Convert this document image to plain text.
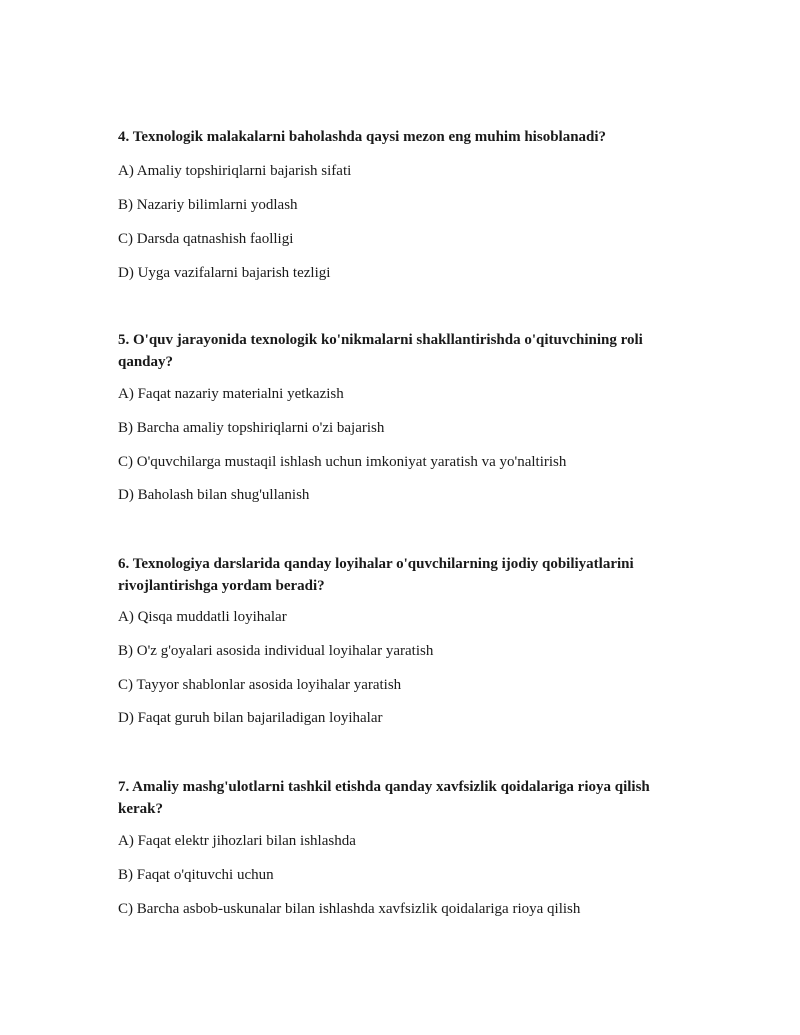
4. Texnologik malakalarni baholashda qaysi mezon eng muhim hisoblanadi?

A) Amaliy topshiriqlarni bajarish sifati

B) Nazariy bilimlarni yodlash

C) Darsda qatnashish faolligi

D) Uyga vazifalarni bajarish tezligi

5. O'quv jarayonida texnologik ko'nikmalarni shakllantirishda o'qituvchining roli qanday?

A) Faqat nazariy materialni yetkazish

B) Barcha amaliy topshiriqlarni o'zi bajarish

C) O'quvchilarga mustaqil ishlash uchun imkoniyat yaratish va yo'naltirish

D) Baholash bilan shug'ullanish

6. Texnologiya darslarida qanday loyihalar o'quvchilarning ijodiy qobiliyatlarini rivojlantirishga yordam beradi?

A) Qisqa muddatli loyihalar

B) O'z g'oyalari asosida individual loyihalar yaratish

C) Tayyor shablonlar asosida loyihalar yaratish

D) Faqat guruh bilan bajariladigan loyihalar

7. Amaliy mashg'ulotlarni tashkil etishda qanday xavfsizlik qoidalariga rioya qilish kerak?

A) Faqat elektr jihozlari bilan ishlashda

B) Faqat o'qituvchi uchun

C) Barcha asbob-uskunalar bilan ishlashda xavfsizlik qoidalariga rioya qilish
